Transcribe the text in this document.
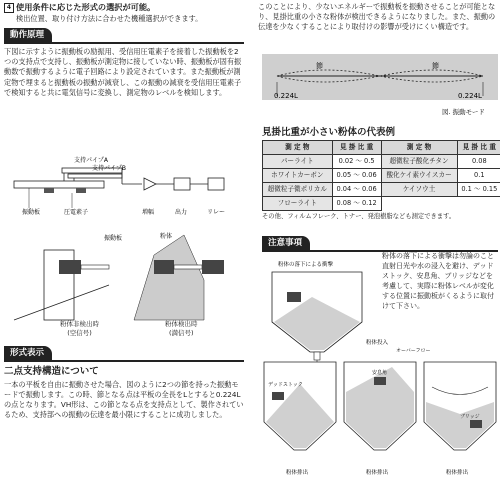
4 使用条件に応じた形式の選択が可能。

検出位置、取り付け方法に合わせた機種選択ができます。

動作原理

下図に示すように振動板の励振用、受信用圧電素子を接着した振動板を2つの支持点で支持し、振動板が測定物に接していない時、振動板が固有振動数で振動するように電子回路により設定されています。また振動板が測定物で埋まると振動板の振動が減衰し、この振動の減衰を受信用圧電素子で検知すると共に電気信号に変換し、測定物のレベルを検知します。

支持パイプA
支持パイプB
振動板	圧電素子	増幅	出力	リレー
振動板	粉体
粉体非検出時
(空信号)
粉体検出時
(満信号)
形式表示
二点支持構造について

一本の平板を自由に振動させた場合、図のように2つの節を持った振動モードで振動します。この時、節となる点は平板の全長をLとすると0.224Lの点となります。VH形は、この節となる点を支持点として、製作されているため、支持部への振動の伝達を最小限にすることに成功しました。

このことにより、少ないエネルギーで振動板を振動させることが可能となり、見掛比重の小さな粉体が検出できるようになりました。また、振動の伝達を少なくすることにより取付けの影響が受けにくい構造です。

節	節
0.224L	0.224L
図. 振動モード
見掛比重が小さい粉体の代表例
測 定 物	見 掛 比 重	測 定 物	見 掛 比 重
パーライト	0.02 ～ 0.5	超微粒子酸化チタン	0.08
ホワイトカーボン	0.05 ～ 0.06	酸化ケイ素ウイスカー	0.1
超微粒子微ポリカル	0.04 ～ 0.06	ケイソウ土	0.1 ～ 0.15
フローライト	0.08 ～ 0.12		

その他、フィルムフレーク、トナー、発泡樹脂なども測定できます。

注意事項

粉体の落下による衝撃は勿論のこと直射日光や水の浸入を避け、デッドストック、安息角、ブリッジなどを考慮して、実際に粉体レベルが変化する位置に振動板がくるように取付けて下さい。

粉体の落下による衝撃
デッドストック
粉体排出
粉体投入
オーバーフロー
安息角
粉体排出
ブリッジ
粉体排出
